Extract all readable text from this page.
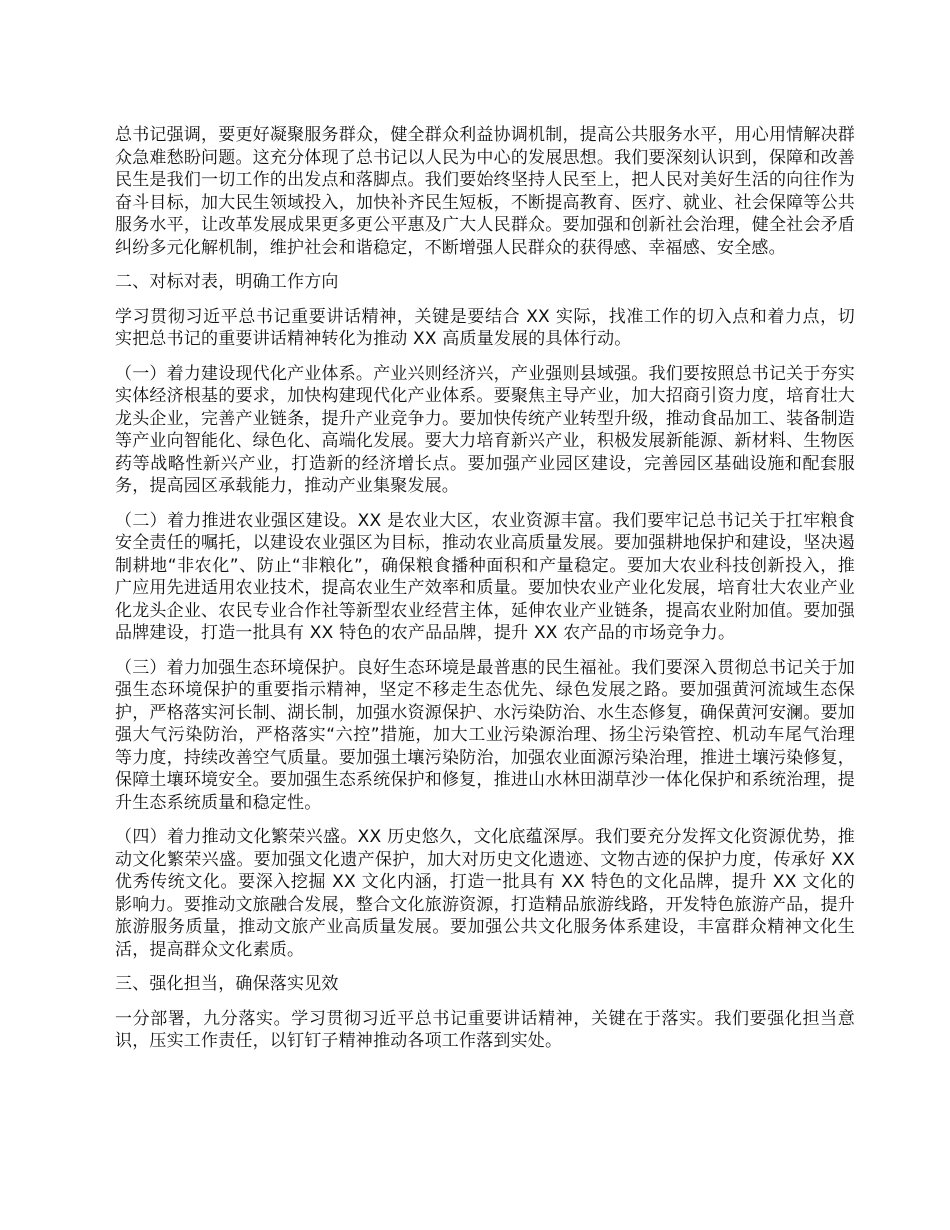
总书记强调，要更好凝聚服务群众，健全群众利益协调机制，提高公共服务水平，用心用情解决群众急难愁盼问题。这充分体现了总书记以人民为中心的发展思想。我们要深刻认识到，保障和改善民生是我们一切工作的出发点和落脚点。我们要始终坚持人民至上，把人民对美好生活的向往作为奋斗目标，加大民生领域投入，加快补齐民生短板，不断提高教育、医疗、就业、社会保障等公共服务水平，让改革发展成果更多更公平惠及广大人民群众。要加强和创新社会治理，健全社会矛盾纠纷多元化解机制，维护社会和谐稳定，不断增强人民群众的获得感、幸福感、安全感。

二、对标对表，明确工作方向

学习贯彻习近平总书记重要讲话精神，关键是要结合 XX 实际，找准工作的切入点和着力点，切实把总书记的重要讲话精神转化为推动 XX 高质量发展的具体行动。

（一）着力建设现代化产业体系。产业兴则经济兴，产业强则县域强。我们要按照总书记关于夯实实体经济根基的要求，加快构建现代化产业体系。要聚焦主导产业，加大招商引资力度，培育壮大龙头企业，完善产业链条，提升产业竞争力。要加快传统产业转型升级，推动食品加工、装备制造等产业向智能化、绿色化、高端化发展。要大力培育新兴产业，积极发展新能源、新材料、生物医药等战略性新兴产业，打造新的经济增长点。要加强产业园区建设，完善园区基础设施和配套服务，提高园区承载能力，推动产业集聚发展。

（二）着力推进农业强区建设。XX 是农业大区，农业资源丰富。我们要牢记总书记关于扛牢粮食安全责任的嘱托，以建设农业强区为目标，推动农业高质量发展。要加强耕地保护和建设，坚决遏制耕地“非农化”、防止“非粮化”，确保粮食播种面积和产量稳定。要加大农业科技创新投入，推广应用先进适用农业技术，提高农业生产效率和质量。要加快农业产业化发展，培育壮大农业产业化龙头企业、农民专业合作社等新型农业经营主体，延伸农业产业链条，提高农业附加值。要加强品牌建设，打造一批具有 XX 特色的农产品品牌，提升 XX 农产品的市场竞争力。

（三）着力加强生态环境保护。良好生态环境是最普惠的民生福祉。我们要深入贯彻总书记关于加强生态环境保护的重要指示精神，坚定不移走生态优先、绿色发展之路。要加强黄河流域生态保护，严格落实河长制、湖长制，加强水资源保护、水污染防治、水生态修复，确保黄河安澜。要加强大气污染防治，严格落实“六控”措施，加大工业污染源治理、扬尘污染管控、机动车尾气治理等力度，持续改善空气质量。要加强土壤污染防治，加强农业面源污染治理，推进土壤污染修复，保障土壤环境安全。要加强生态系统保护和修复，推进山水林田湖草沙一体化保护和系统治理，提升生态系统质量和稳定性。

（四）着力推动文化繁荣兴盛。XX 历史悠久，文化底蕴深厚。我们要充分发挥文化资源优势，推动文化繁荣兴盛。要加强文化遗产保护，加大对历史文化遗迹、文物古迹的保护力度，传承好 XX 优秀传统文化。要深入挖掘 XX 文化内涵，打造一批具有 XX 特色的文化品牌，提升 XX 文化的影响力。要推动文旅融合发展，整合文化旅游资源，打造精品旅游线路，开发特色旅游产品，提升旅游服务质量，推动文旅产业高质量发展。要加强公共文化服务体系建设，丰富群众精神文化生活，提高群众文化素质。

三、强化担当，确保落实见效

一分部署，九分落实。学习贯彻习近平总书记重要讲话精神，关键在于落实。我们要强化担当意识，压实工作责任，以钉钉子精神推动各项工作落到实处。
